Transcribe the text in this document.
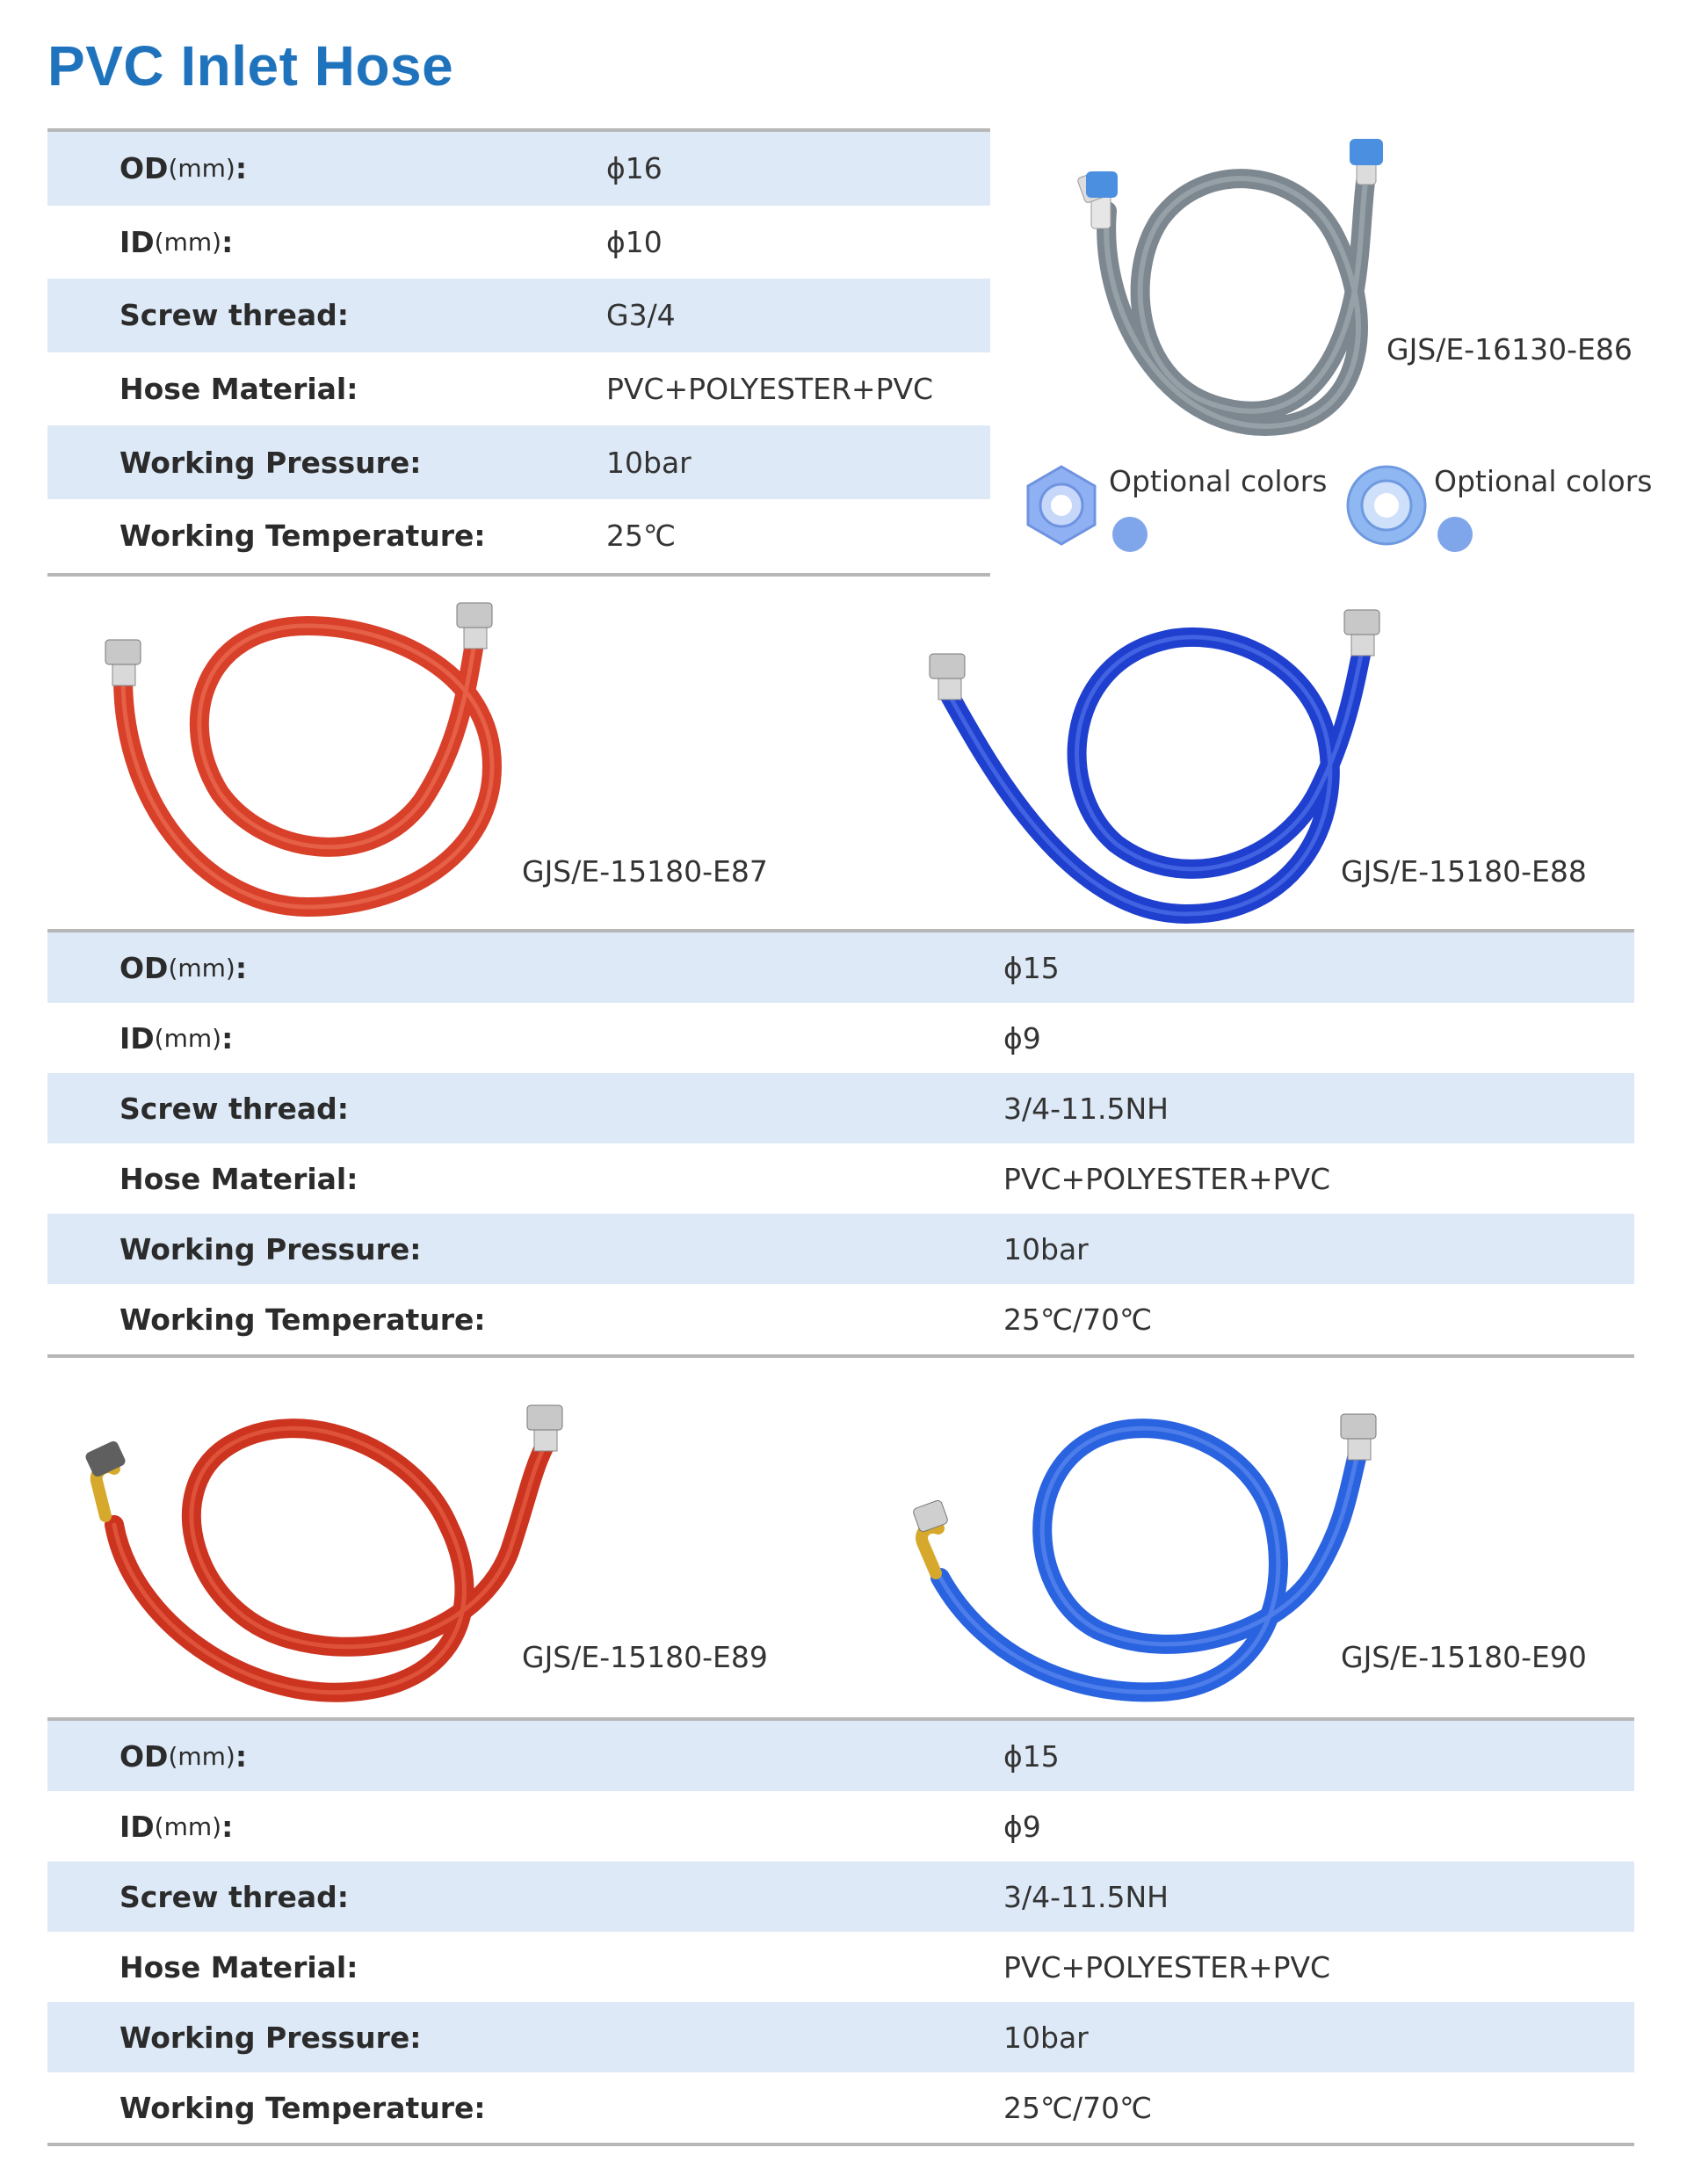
PVC Inlet Hose
OD (mm) :	ϕ16
ID (mm) :	ϕ10
Screw thread:	G3/4
Hose Material:	PVC+POLYESTER+PVC
Working Pressure:	10bar
Working Temperature:	25℃
GJS/E-16130-E86
Optional colors	Optional colors
GJS/E-15180-E87	GJS/E-15180-E88
OD (mm) :	ϕ15
ID (mm) :	ϕ9
Screw thread:	3/4-11.5NH
Hose Material:	PVC+POLYESTER+PVC
Working Pressure:	10bar
Working Temperature:	25℃/70℃
GJS/E-15180-E89	GJS/E-15180-E90
OD (mm) :	ϕ15
ID (mm) :	ϕ9
Screw thread:	3/4-11.5NH
Hose Material:	PVC+POLYESTER+PVC
Working Pressure:	10bar
Working Temperature:	25℃/70℃
